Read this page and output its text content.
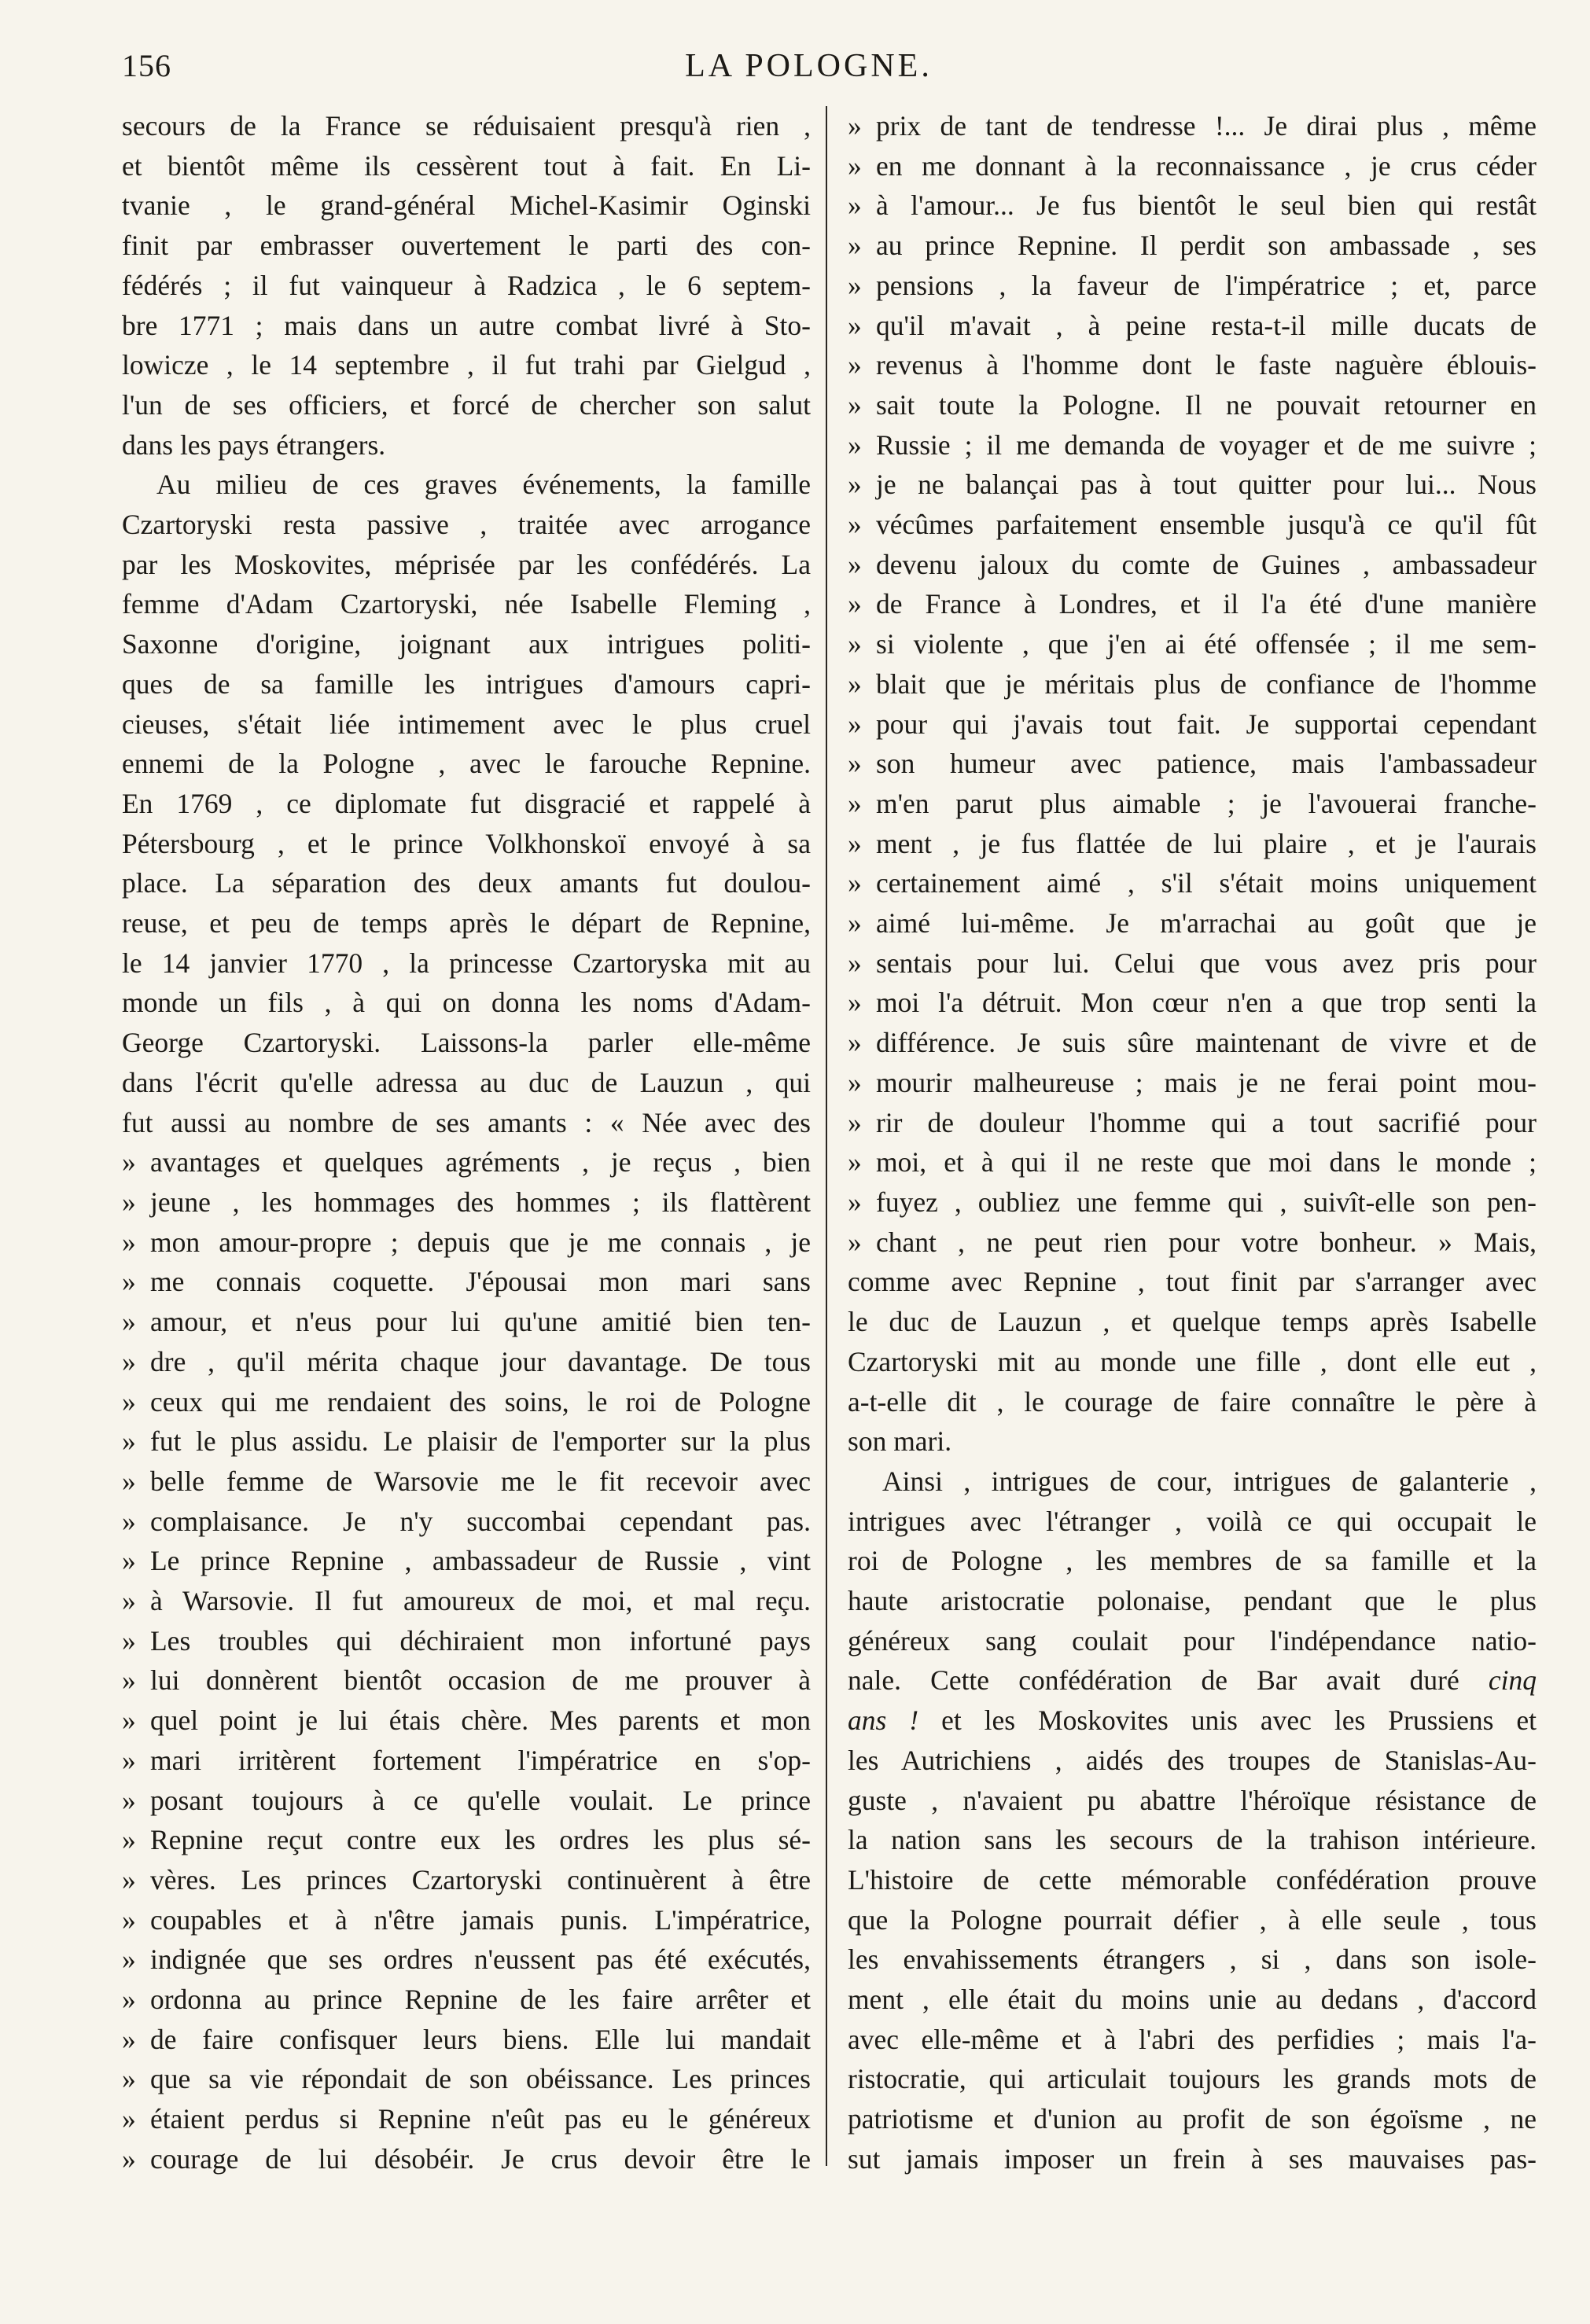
156	LA POLOGNE.
secours de la France se réduisaient presqu'à rien ,
et bientôt même ils cessèrent tout à fait. En Li-
tvanie , le grand-général Michel-Kasimir Oginski
finit par embrasser ouvertement le parti des con-
fédérés ; il fut vainqueur à Radzica , le 6 septem-
bre 1771 ; mais dans un autre combat livré à Sto-
lowicze , le 14 septembre , il fut trahi par Gielgud ,
l'un de ses officiers, et forcé de chercher son salut
dans les pays étrangers.
Au milieu de ces graves événements, la famille
Czartoryski resta passive , traitée avec arrogance
par les Moskovites, méprisée par les confédérés. La
femme d'Adam Czartoryski, née Isabelle Fleming ,
Saxonne d'origine, joignant aux intrigues politi-
ques de sa famille les intrigues d'amours capri-
cieuses, s'était liée intimement avec le plus cruel
ennemi de la Pologne , avec le farouche Repnine.
En 1769 , ce diplomate fut disgracié et rappelé à
Pétersbourg , et le prince Volkhonskoï envoyé à sa
place. La séparation des deux amants fut doulou-
reuse, et peu de temps après le départ de Repnine,
le 14 janvier 1770 , la princesse Czartoryska mit au
monde un fils , à qui on donna les noms d'Adam-
George Czartoryski. Laissons-la parler elle-même
dans l'écrit qu'elle adressa au duc de Lauzun , qui
fut aussi au nombre de ses amants : « Née avec des
» avantages et quelques agréments , je reçus , bien
» jeune , les hommages des hommes ; ils flattèrent
» mon amour-propre ; depuis que je me connais , je
» me connais coquette. J'épousai mon mari sans
» amour, et n'eus pour lui qu'une amitié bien ten-
» dre , qu'il mérita chaque jour davantage. De tous
» ceux qui me rendaient des soins, le roi de Pologne
» fut le plus assidu. Le plaisir de l'emporter sur la plus
» belle femme de Warsovie me le fit recevoir avec
» complaisance. Je n'y succombai cependant pas.
» Le prince Repnine , ambassadeur de Russie , vint
» à Warsovie. Il fut amoureux de moi, et mal reçu.
» Les troubles qui déchiraient mon infortuné pays
» lui donnèrent bientôt occasion de me prouver à
» quel point je lui étais chère. Mes parents et mon
» mari irritèrent fortement l'impératrice en s'op-
» posant toujours à ce qu'elle voulait. Le prince
» Repnine reçut contre eux les ordres les plus sé-
» vères. Les princes Czartoryski continuèrent à être
» coupables et à n'être jamais punis. L'impératrice,
» indignée que ses ordres n'eussent pas été exécutés,
» ordonna au prince Repnine de les faire arrêter et
» de faire confisquer leurs biens. Elle lui mandait
» que sa vie répondait de son obéissance. Les princes
» étaient perdus si Repnine n'eût pas eu le généreux
» courage de lui désobéir. Je crus devoir être le
» prix de tant de tendresse !... Je dirai plus , même
» en me donnant à la reconnaissance , je crus céder
» à l'amour... Je fus bientôt le seul bien qui restât
» au prince Repnine. Il perdit son ambassade , ses
» pensions , la faveur de l'impératrice ; et, parce
» qu'il m'avait , à peine resta-t-il mille ducats de
» revenus à l'homme dont le faste naguère éblouis-
» sait toute la Pologne. Il ne pouvait retourner en
» Russie ; il me demanda de voyager et de me suivre ;
» je ne balançai pas à tout quitter pour lui... Nous
» vécûmes parfaitement ensemble jusqu'à ce qu'il fût
» devenu jaloux du comte de Guines , ambassadeur
» de France à Londres, et il l'a été d'une manière
» si violente , que j'en ai été offensée ; il me sem-
» blait que je méritais plus de confiance de l'homme
» pour qui j'avais tout fait. Je supportai cependant
» son humeur avec patience, mais l'ambassadeur
» m'en parut plus aimable ; je l'avouerai franche-
» ment , je fus flattée de lui plaire , et je l'aurais
» certainement aimé , s'il s'était moins uniquement
» aimé lui-même. Je m'arrachai au goût que je
» sentais pour lui. Celui que vous avez pris pour
» moi l'a détruit. Mon cœur n'en a que trop senti la
» différence. Je suis sûre maintenant de vivre et de
» mourir malheureuse ; mais je ne ferai point mou-
» rir de douleur l'homme qui a tout sacrifié pour
» moi, et à qui il ne reste que moi dans le monde ;
» fuyez , oubliez une femme qui , suivît-elle son pen-
» chant , ne peut rien pour votre bonheur. » Mais,
comme avec Repnine , tout finit par s'arranger avec
le duc de Lauzun , et quelque temps après Isabelle
Czartoryski mit au monde une fille , dont elle eut ,
a-t-elle dit , le courage de faire connaître le père à
son mari.
Ainsi , intrigues de cour, intrigues de galanterie ,
intrigues avec l'étranger , voilà ce qui occupait le
roi de Pologne , les membres de sa famille et la
haute aristocratie polonaise, pendant que le plus
généreux sang coulait pour l'indépendance natio-
nale. Cette confédération de Bar avait duré cinq
ans ! et les Moskovites unis avec les Prussiens et
les Autrichiens , aidés des troupes de Stanislas-Au-
guste , n'avaient pu abattre l'héroïque résistance de
la nation sans les secours de la trahison intérieure.
L'histoire de cette mémorable confédération prouve
que la Pologne pourrait défier , à elle seule , tous
les envahissements étrangers , si , dans son isole-
ment , elle était du moins unie au dedans , d'accord
avec elle-même et à l'abri des perfidies ; mais l'a-
ristocratie, qui articulait toujours les grands mots de
patriotisme et d'union au profit de son égoïsme , ne
sut jamais imposer un frein à ses mauvaises pas-
